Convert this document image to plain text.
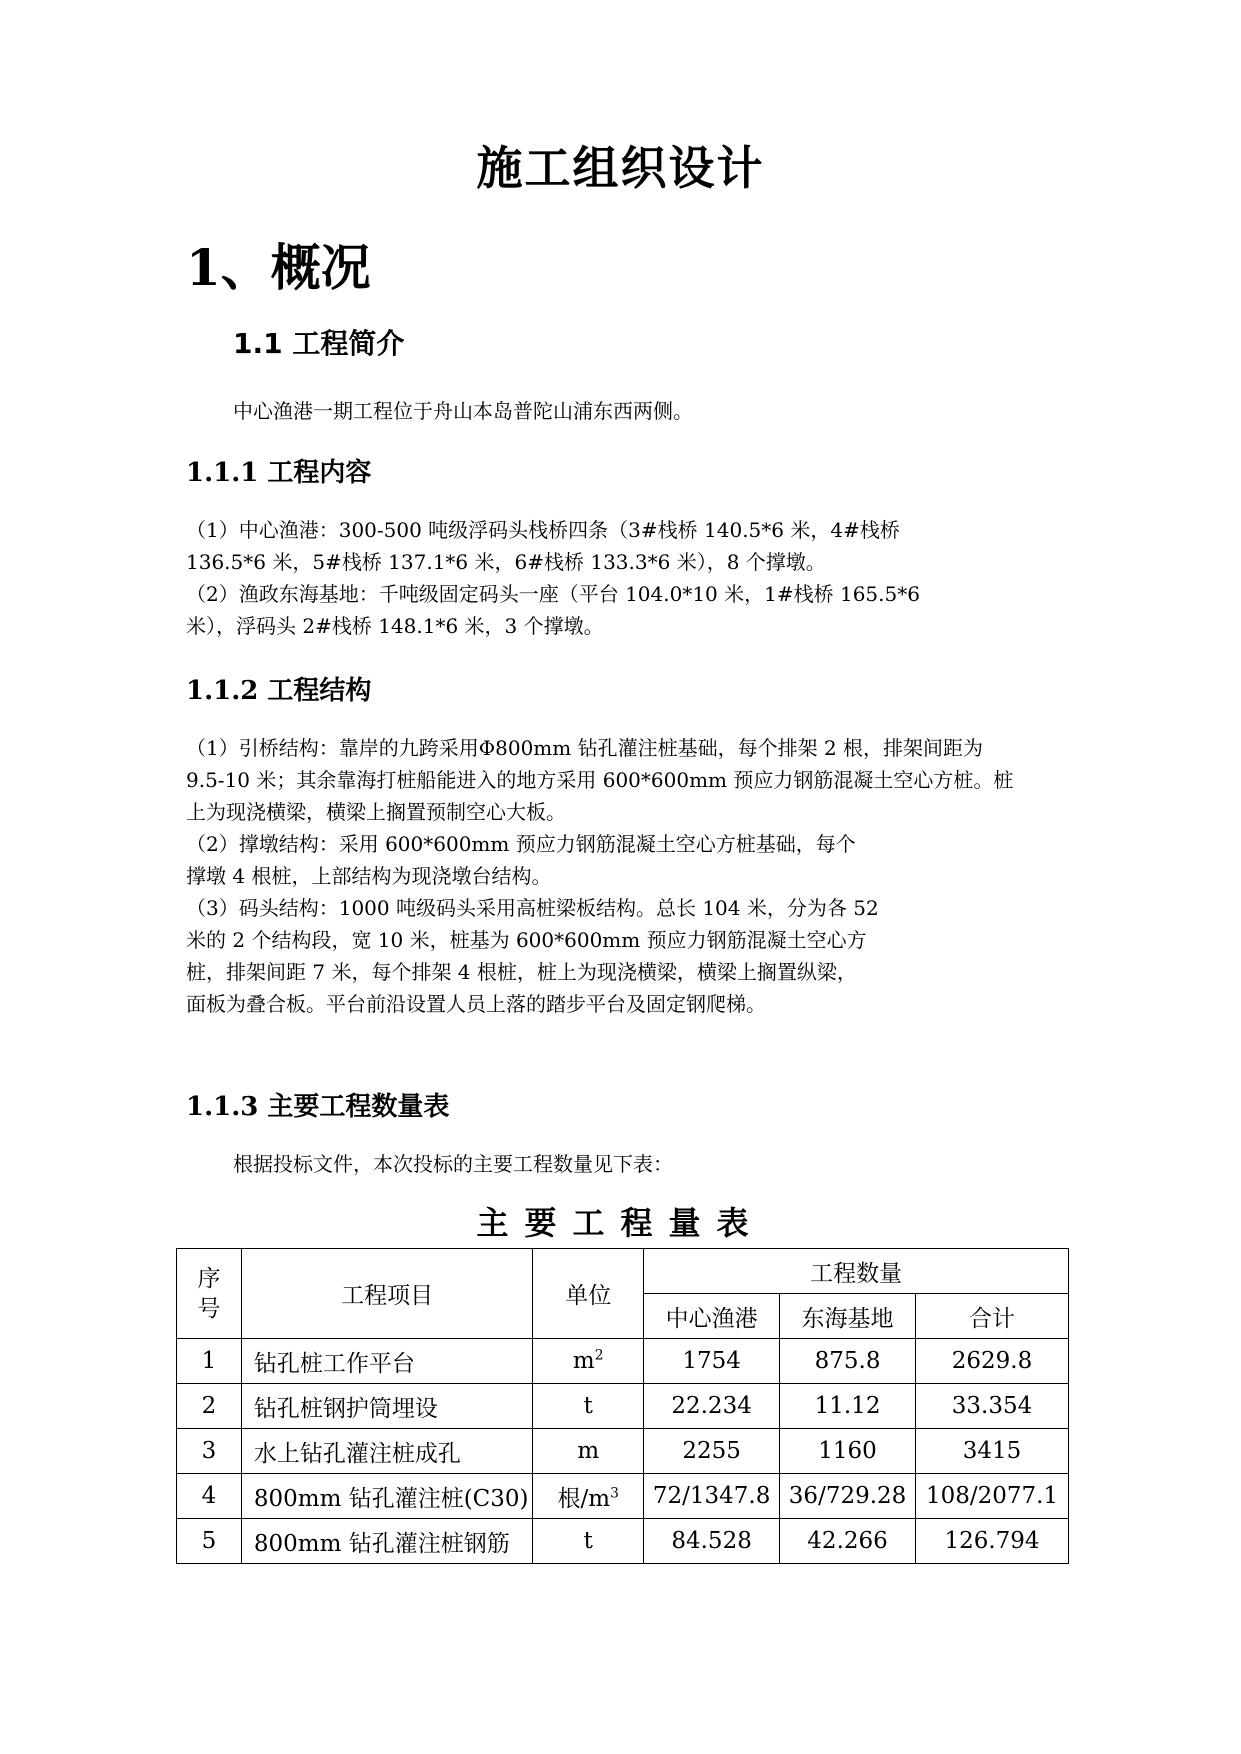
施工组织设计
1、概况
1.1 工程简介
中心渔港一期工程位于舟山本岛普陀山浦东西两侧。
1.1.1 工程内容
（1）中心渔港：300-500 吨级浮码头栈桥四条（3#栈桥 140.5*6 米，4#栈桥
136.5*6 米，5#栈桥 137.1*6 米，6#栈桥 133.3*6 米），8 个撑墩。
（2）渔政东海基地：千吨级固定码头一座（平台 104.0*10 米，1#栈桥 165.5*6
米），浮码头 2#栈桥 148.1*6 米，3 个撑墩。
1.1.2 工程结构
（1）引桥结构：靠岸的九跨采用Φ800mm 钻孔灌注桩基础，每个排架 2 根，排架间距为
9.5-10 米；其余靠海打桩船能进入的地方采用 600*600mm 预应力钢筋混凝土空心方桩。桩
上为现浇横梁，横梁上搁置预制空心大板。
（2）撑墩结构：采用 600*600mm 预应力钢筋混凝土空心方桩基础，每个
撑墩 4 根桩，上部结构为现浇墩台结构。
（3）码头结构：1000 吨级码头采用高桩梁板结构。总长 104 米，分为各 52
米的 2 个结构段，宽 10 米，桩基为 600*600mm 预应力钢筋混凝土空心方
桩，排架间距 7 米，每个排架 4 根桩，桩上为现浇横梁，横梁上搁置纵梁，
面板为叠合板。平台前沿设置人员上落的踏步平台及固定钢爬梯。
1.1.3 主要工程数量表
根据投标文件，本次投标的主要工程数量见下表：
主要工程量表
序号	工程项目	单位	工程数量		
			中心渔港	东海基地	合计
1	钻孔桩工作平台	$m^2$	1754	875.8	2629.8
2	钻孔桩钢护筒埋设	t	22.234	11.12	33.354
3	水上钻孔灌注桩成孔	m	2255	1160	3415
4	800mm 钻孔灌注桩(C30)	根$/m^3$	72/1347.8	36/729.28	108/2077.1
5	800mm 钻孔灌注桩钢筋	t	84.528	42.266	126.794
